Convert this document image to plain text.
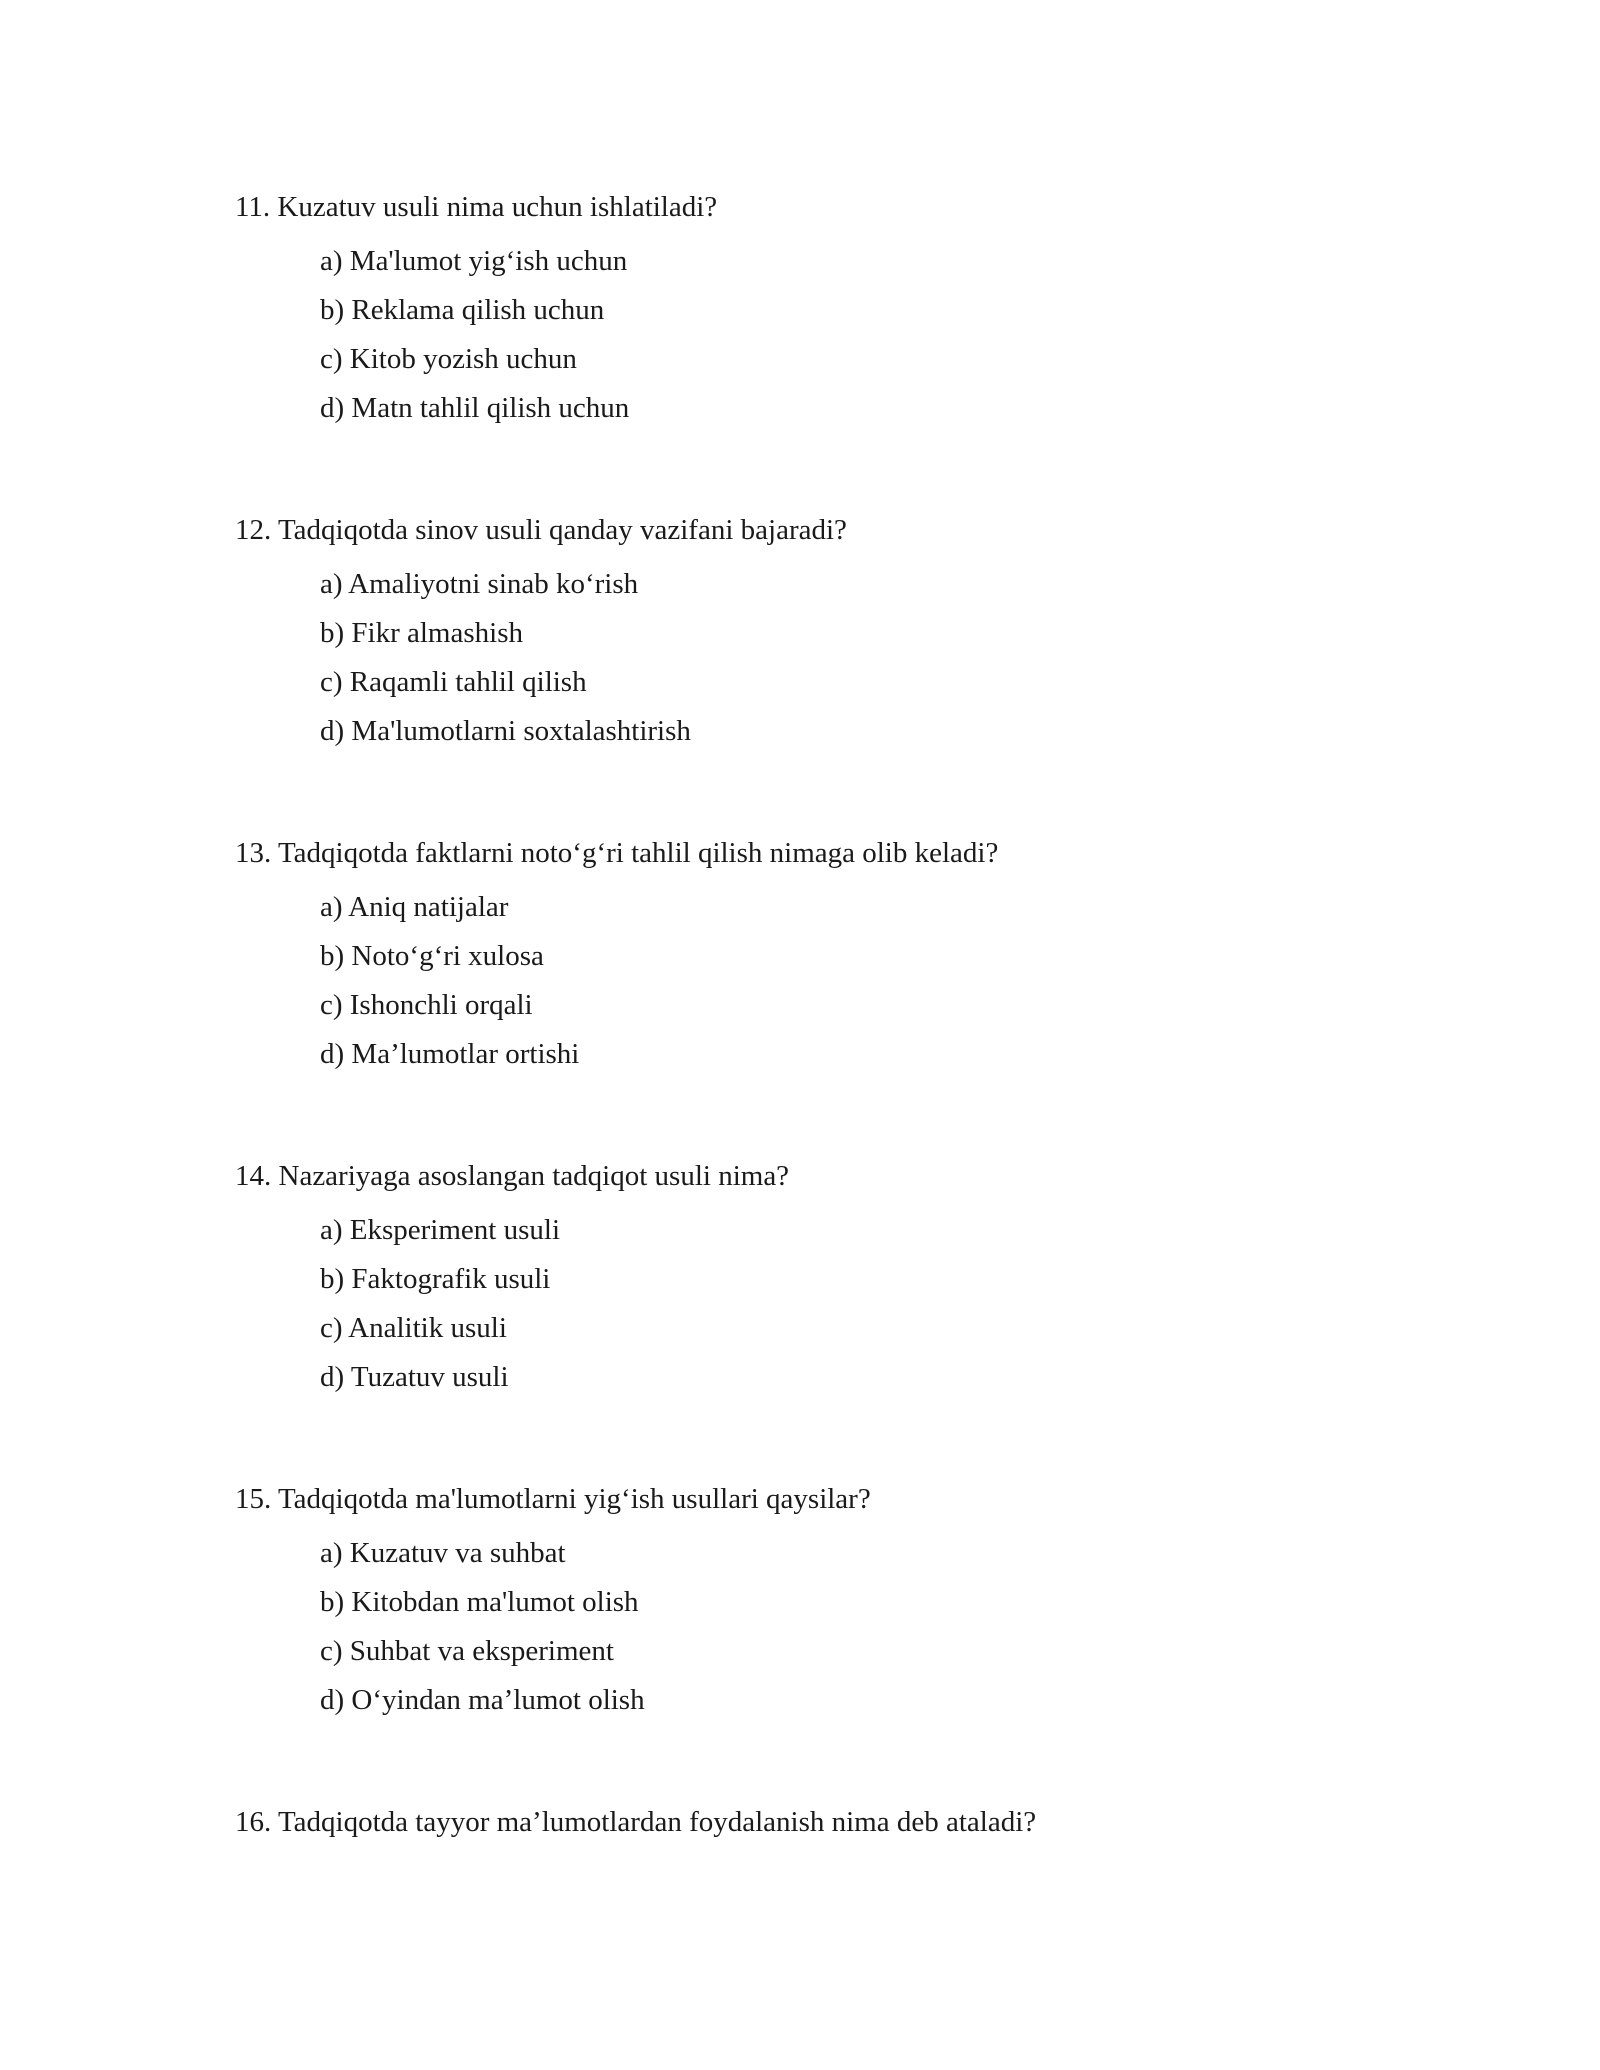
11. Kuzatuv usuli nima uchun ishlatiladi?

a) Ma'lumot yig‘ish uchun
b) Reklama qilish uchun
c) Kitob yozish uchun
d) Matn tahlil qilish uchun

12. Tadqiqotda sinov usuli qanday vazifani bajaradi?

a) Amaliyotni sinab ko‘rish
b) Fikr almashish
c) Raqamli tahlil qilish
d) Ma'lumotlarni soxtalashtirish

13. Tadqiqotda faktlarni noto‘g‘ri tahlil qilish nimaga olib keladi?

a) Aniq natijalar
b) Noto‘g‘ri xulosa
c) Ishonchli orqali
d) Ma’lumotlar ortishi

14. Nazariyaga asoslangan tadqiqot usuli nima?

a) Eksperiment usuli
b) Faktografik usuli
c) Analitik usuli
d) Tuzatuv usuli

15. Tadqiqotda ma'lumotlarni yig‘ish usullari qaysilar?

a) Kuzatuv va suhbat
b) Kitobdan ma'lumot olish
c) Suhbat va eksperiment
d) O‘yindan ma’lumot olish

16. Tadqiqotda tayyor ma’lumotlardan foydalanish nima deb ataladi?
